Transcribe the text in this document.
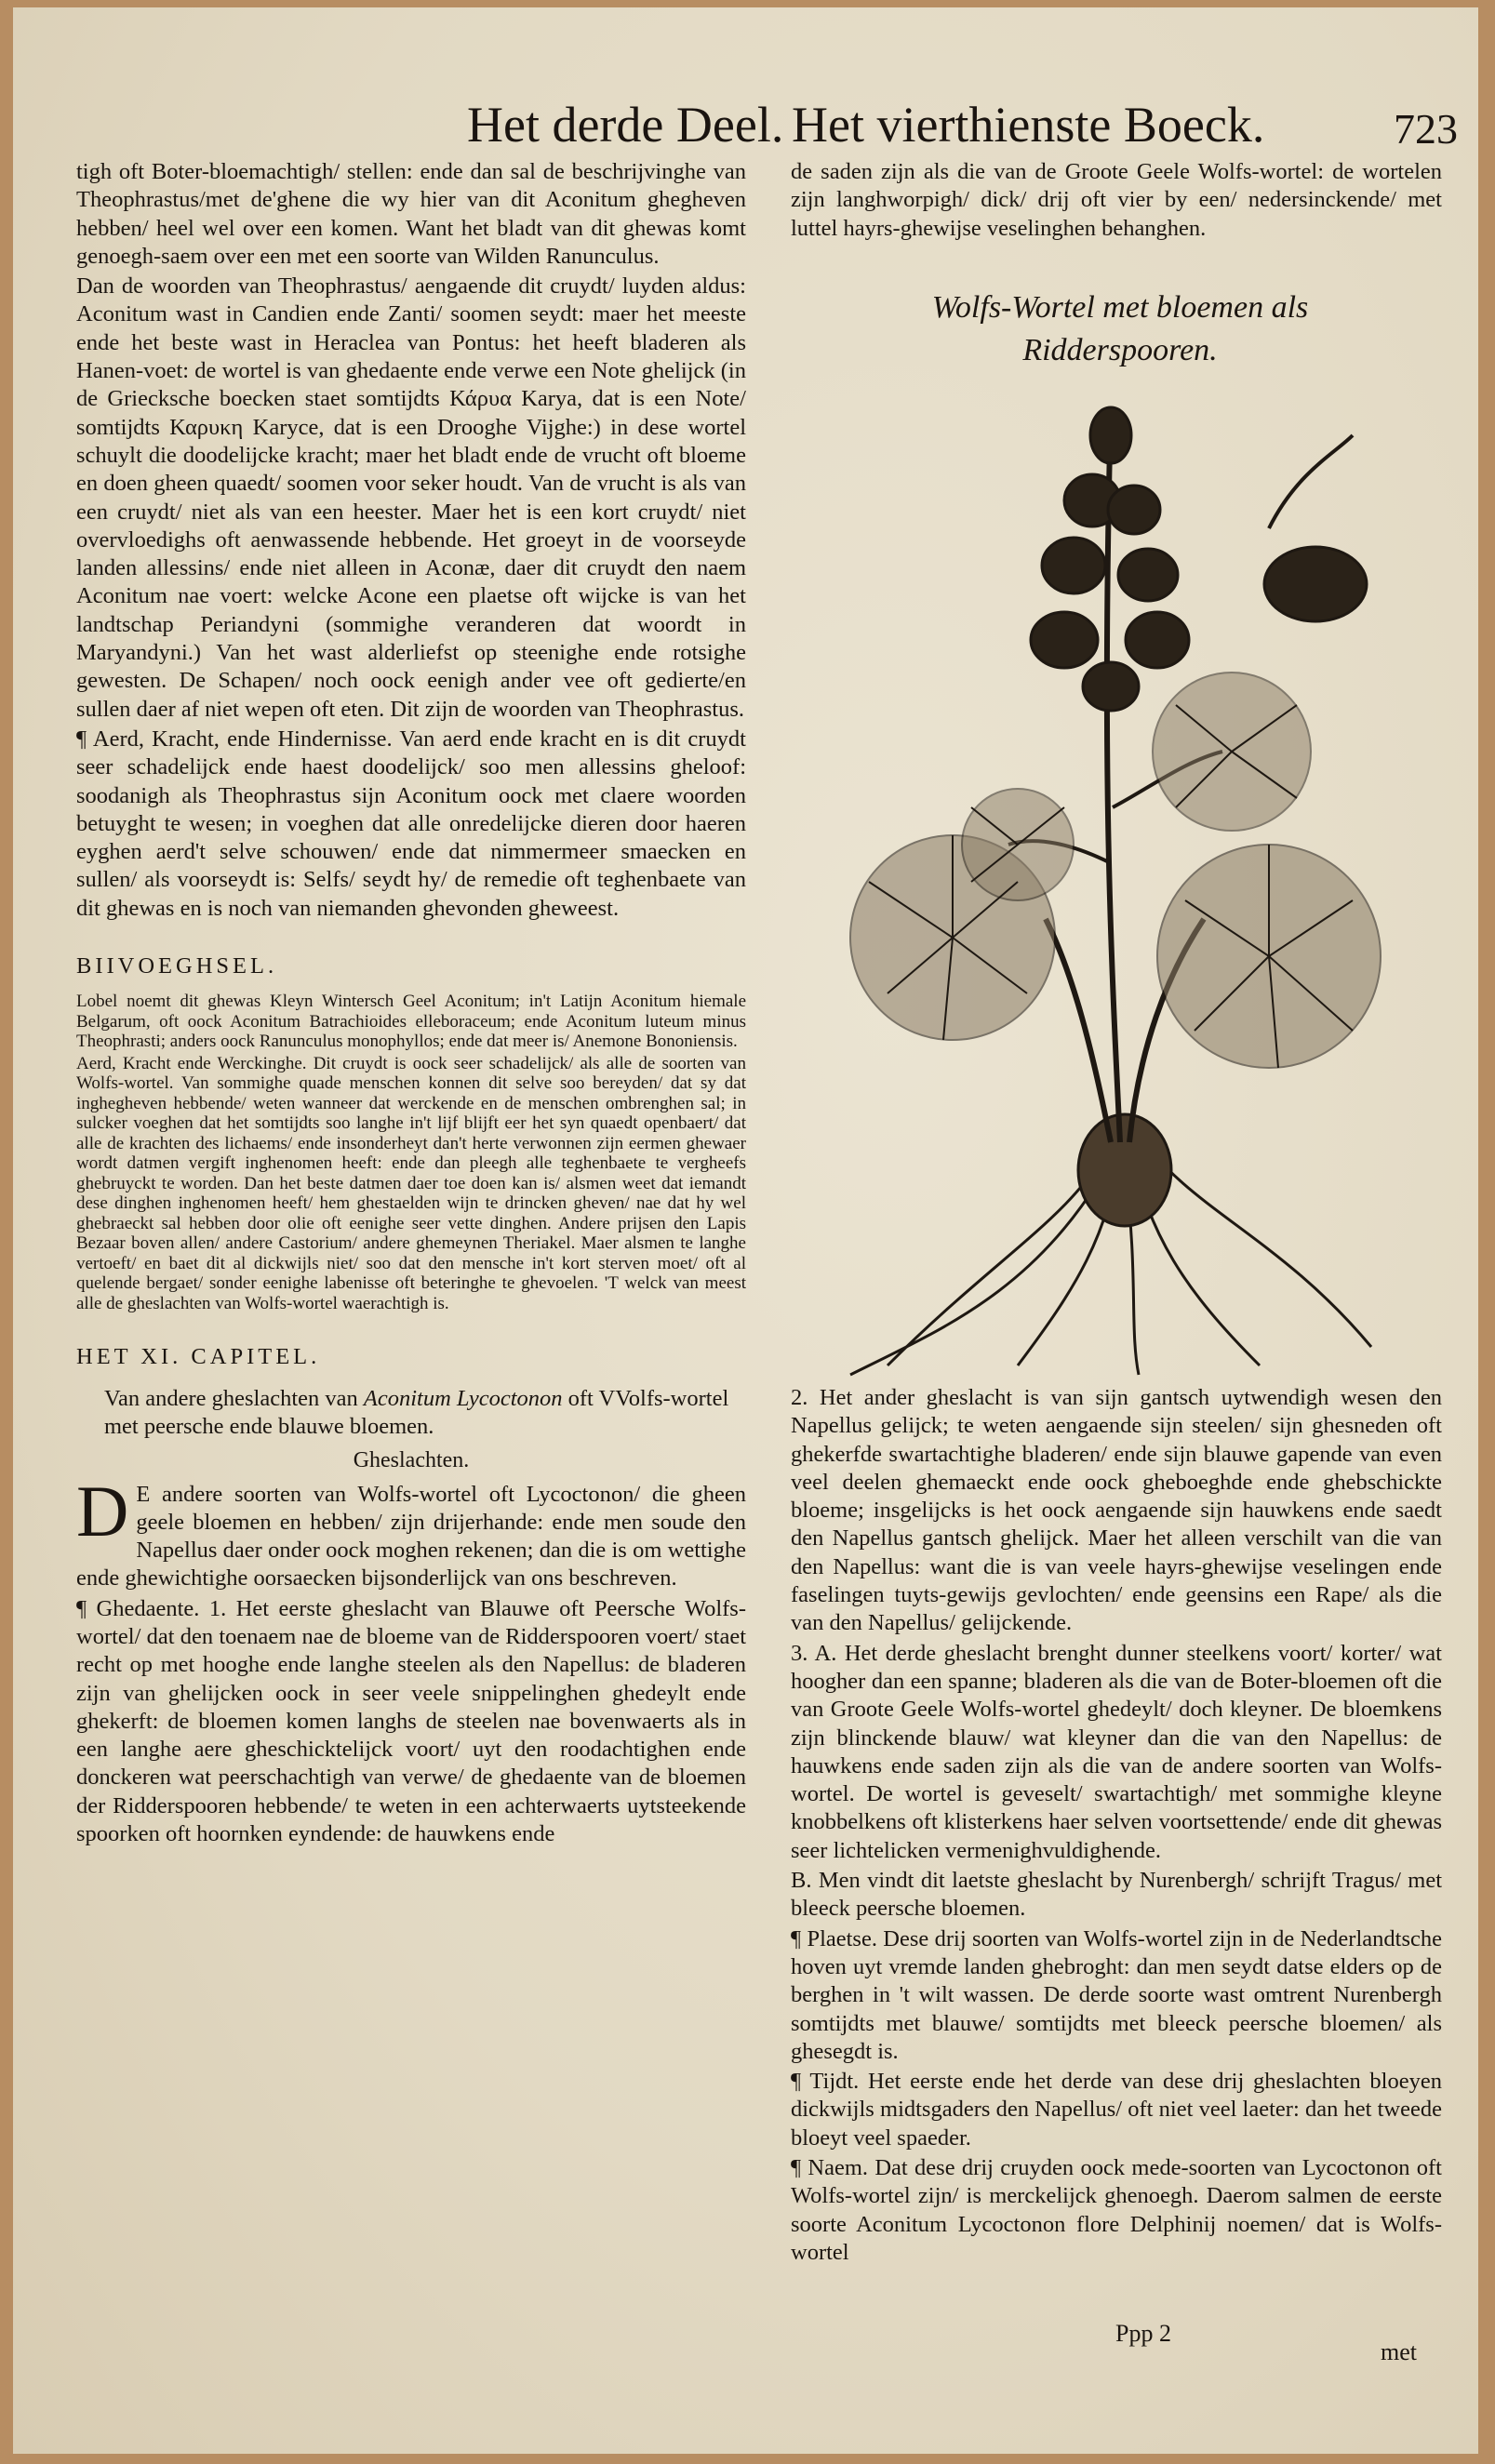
Het derde Deel. Het vierthienste Boeck.	723

tigh oft Boter-bloemachtigh/ stellen: ende dan sal de beschrijvinghe van Theophrastus/met de'ghene die wy hier van dit Aconitum ghegheven hebben/ heel wel over een komen. Want het bladt van dit ghewas komt genoegh-saem over een met een soorte van Wilden Ranunculus.

Dan de woorden van Theophrastus/ aengaende dit cruydt/ luyden aldus: Aconitum wast in Candien ende Zanti/ soomen seydt: maer het meeste ende het beste wast in Heraclea van Pontus: het heeft bladeren als Hanen-voet: de wortel is van ghedaente ende verwe een Note ghelijck (in de Griecksche boecken staet somtijdts Κάρυα Karya, dat is een Note/ somtijdts Καρυκη Karyce, dat is een Drooghe Vijghe:) in dese wortel schuylt die doodelijcke kracht; maer het bladt ende de vrucht oft bloeme en doen gheen quaedt/ soomen voor seker houdt. Van de vrucht is als van een cruydt/ niet als van een heester. Maer het is een kort cruydt/ niet overvloedighs oft aenwassende hebbende. Het groeyt in de voorseyde landen allessins/ ende niet alleen in Aconæ, daer dit cruydt den naem Aconitum nae voert: welcke Acone een plaetse oft wijcke is van het landtschap Periandyni (sommighe veranderen dat woordt in Maryandyni.) Van het wast alderliefst op steenighe ende rotsighe gewesten. De Schapen/ noch oock eenigh ander vee oft gedierte/en sullen daer af niet wepen oft eten. Dit zijn de woorden van Theophrastus.

¶ Aerd, Kracht, ende Hindernisse. Van aerd ende kracht en is dit cruydt seer schadelijck ende haest doodelijck/ soo men allessins gheloof: soodanigh als Theophrastus sijn Aconitum oock met claere woorden betuyght te wesen; in voeghen dat alle onredelijcke dieren door haeren eyghen aerd't selve schouwen/ ende dat nimmermeer smaecken en sullen/ als voorseydt is: Selfs/ seydt hy/ de remedie oft teghenbaete van dit ghewas en is noch van niemanden ghevonden gheweest.

BIIVOEGHSEL.

Lobel noemt dit ghewas Kleyn Wintersch Geel Aconitum; in't Latijn Aconitum hiemale Belgarum, oft oock Aconitum Batrachioides elleboraceum; ende Aconitum luteum minus Theophrasti; anders oock Ranunculus monophyllos; ende dat meer is/ Anemone Bononiensis.

Aerd, Kracht ende Werckinghe. Dit cruydt is oock seer schadelijck/ als alle de soorten van Wolfs-wortel. Van sommighe quade menschen konnen dit selve soo bereyden/ dat sy dat inghegheven hebbende/ weten wanneer dat werckende en de menschen ombrenghen sal; in sulcker voeghen dat het somtijdts soo langhe in't lijf blijft eer het syn quaedt openbaert/ dat alle de krachten des lichaems/ ende insonderheyt dan't herte verwonnen zijn eermen ghewaer wordt datmen vergift inghenomen heeft: ende dan pleegh alle teghenbaete te vergheefs ghebruyckt te worden. Dan het beste datmen daer toe doen kan is/ alsmen weet dat iemandt dese dinghen inghenomen heeft/ hem ghestaelden wijn te drincken gheven/ nae dat hy wel ghebraeckt sal hebben door olie oft eenighe seer vette dinghen. Andere prijsen den Lapis Bezaar boven allen/ andere Castorium/ andere ghemeynen Theriakel. Maer alsmen te langhe vertoeft/ en baet dit al dickwijls niet/ soo dat den mensche in't kort sterven moet/ oft al quelende bergaet/ sonder eenighe labenisse oft beteringhe te ghevoelen. 'T welck van meest alle de gheslachten van Wolfs-wortel waerachtigh is.

HET XI. CAPITEL.

Van andere gheslachten van Aconitum Lycoctonon oft VVolfs-wortel met peersche ende blauwe bloemen.

Gheslachten.

D E andere soorten van Wolfs-wortel oft Lycoctonon/ die gheen geele bloemen en hebben/ zijn drijerhande: ende men soude den Napellus daer onder oock moghen rekenen; dan die is om wettighe ende ghewichtighe oorsaecken bijsonderlijck van ons beschreven.

¶ Ghedaente. 1. Het eerste gheslacht van Blauwe oft Peersche Wolfs-wortel/ dat den toenaem nae de bloeme van de Ridderspooren voert/ staet recht op met hooghe ende langhe steelen als den Napellus: de bladeren zijn van ghelijcken oock in seer veele snippelinghen ghedeylt ende ghekerft: de bloemen komen langhs de steelen nae bovenwaerts als in een langhe aere gheschicktelijck voort/ uyt den roodachtighen ende donckeren wat peerschachtigh van verwe/ de ghedaente van de bloemen der Ridderspooren hebbende/ te weten in een achterwaerts uytsteekende spoorken oft hoornken eyndende: de hauwkens ende

de saden zijn als die van de Groote Geele Wolfs-wortel: de wortelen zijn langhworpigh/ dick/ drij oft vier by een/ nedersinckende/ met luttel hayrs-ghewijse veselinghen behanghen.

Wolfs-Wortel met bloemen als
Ridderspooren.

2. Het ander gheslacht is van sijn gantsch uytwendigh wesen den Napellus gelijck; te weten aengaende sijn steelen/ sijn ghesneden oft ghekerfde swartachtighe bladeren/ ende sijn blauwe gapende van even veel deelen ghemaeckt ende oock gheboeghde ende ghebschickte bloeme; insgelijcks is het oock aengaende sijn hauwkens ende saedt den Napellus gantsch ghelijck. Maer het alleen verschilt van die van den Napellus: want die is van veele hayrs-ghewijse veselingen ende faselingen tuyts-gewijs gevlochten/ ende geensins een Rape/ als die van den Napellus/ gelijckende.

3. A. Het derde gheslacht brenght dunner steelkens voort/ korter/ wat hoogher dan een spanne; bladeren als die van de Boter-bloemen oft die van Groote Geele Wolfs-wortel ghedeylt/ doch kleyner. De bloemkens zijn blinckende blauw/ wat kleyner dan die van den Napellus: de hauwkens ende saden zijn als die van de andere soorten van Wolfs-wortel. De wortel is geveselt/ swartachtigh/ met sommighe kleyne knobbelkens oft klisterkens haer selven voortsettende/ ende dit ghewas seer lichtelicken vermenighvuldighende.

B. Men vindt dit laetste gheslacht by Nurenbergh/ schrijft Tragus/ met bleeck peersche bloemen.

¶ Plaetse. Dese drij soorten van Wolfs-wortel zijn in de Nederlandtsche hoven uyt vremde landen ghebroght: dan men seydt datse elders op de berghen in 't wilt wassen. De derde soorte wast omtrent Nurenbergh somtijdts met blauwe/ somtijdts met bleeck peersche bloemen/ als ghesegdt is.

¶ Tijdt. Het eerste ende het derde van dese drij gheslachten bloeyen dickwijls midtsgaders den Napellus/ oft niet veel laeter: dan het tweede bloeyt veel spaeder.

¶ Naem. Dat dese drij cruyden oock mede-soorten van Lycoctonon oft Wolfs-wortel zijn/ is merckelijck ghenoegh. Daerom salmen de eerste soorte Aconitum Lycoctonon flore Delphinij noemen/ dat is Wolfs-wortel

Ppp 2
met
